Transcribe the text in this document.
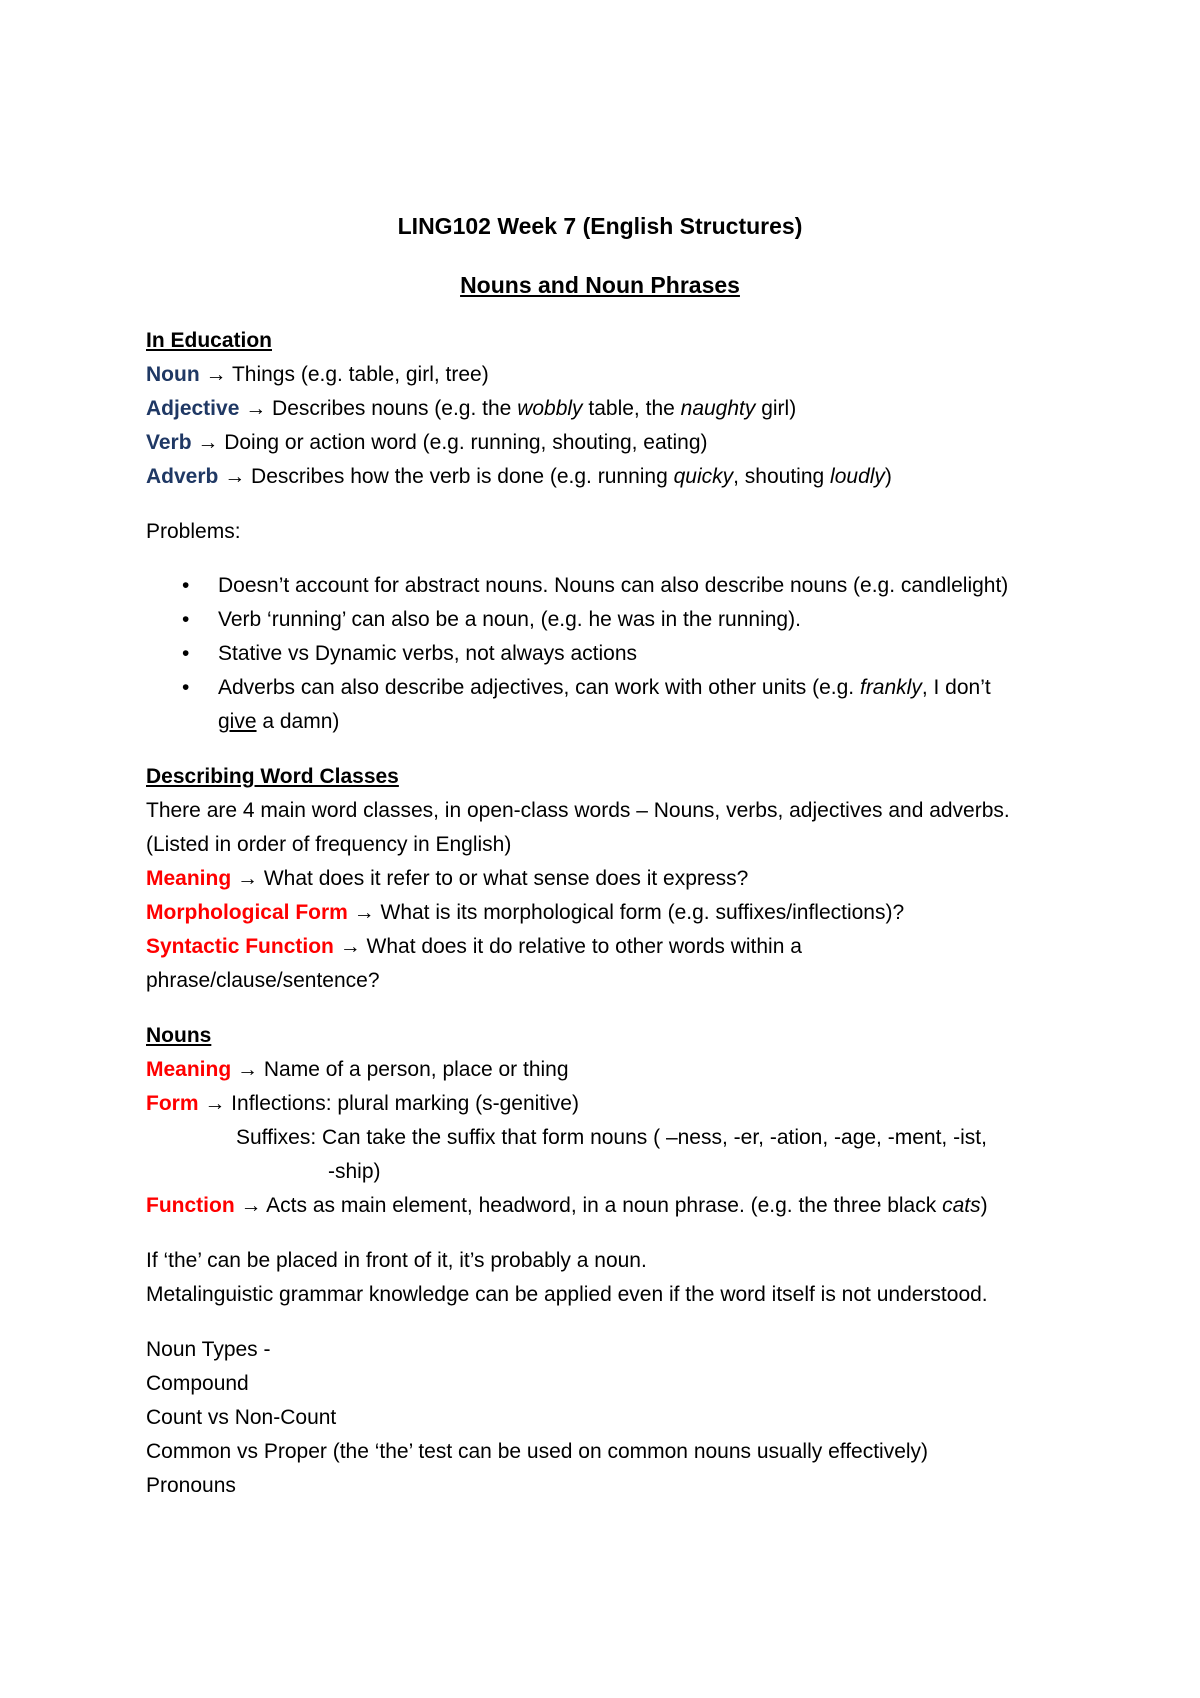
LING102 Week 7 (English Structures)
Nouns and Noun Phrases
In Education
Noun → Things (e.g. table, girl, tree)
Adjective → Describes nouns (e.g. the wobbly table, the naughty girl)
Verb → Doing or action word (e.g. running, shouting, eating)
Adverb → Describes how the verb is done (e.g. running quicky, shouting loudly)
Problems:
• Doesn’t account for abstract nouns. Nouns can also describe nouns (e.g. candlelight)
• Verb ‘running’ can also be a noun, (e.g. he was in the running).
• Stative vs Dynamic verbs, not always actions
• Adverbs can also describe adjectives, can work with other units (e.g. frankly, I don’t
give a damn)
Describing Word Classes
There are 4 main word classes, in open-class words – Nouns, verbs, adjectives and adverbs.
(Listed in order of frequency in English)
Meaning → What does it refer to or what sense does it express?
Morphological Form → What is its morphological form (e.g. suffixes/inflections)?
Syntactic Function → What does it do relative to other words within a
phrase/clause/sentence?
Nouns
Meaning → Name of a person, place or thing
Form → Inflections: plural marking (s-genitive)
Suffixes: Can take the suffix that form nouns ( –ness, -er, -ation, -age, -ment, -ist,
-ship)
Function → Acts as main element, headword, in a noun phrase. (e.g. the three black cats)
If ‘the’ can be placed in front of it, it’s probably a noun.
Metalinguistic grammar knowledge can be applied even if the word itself is not understood.
Noun Types -
Compound
Count vs Non-Count
Common vs Proper (the ‘the’ test can be used on common nouns usually effectively)
Pronouns
